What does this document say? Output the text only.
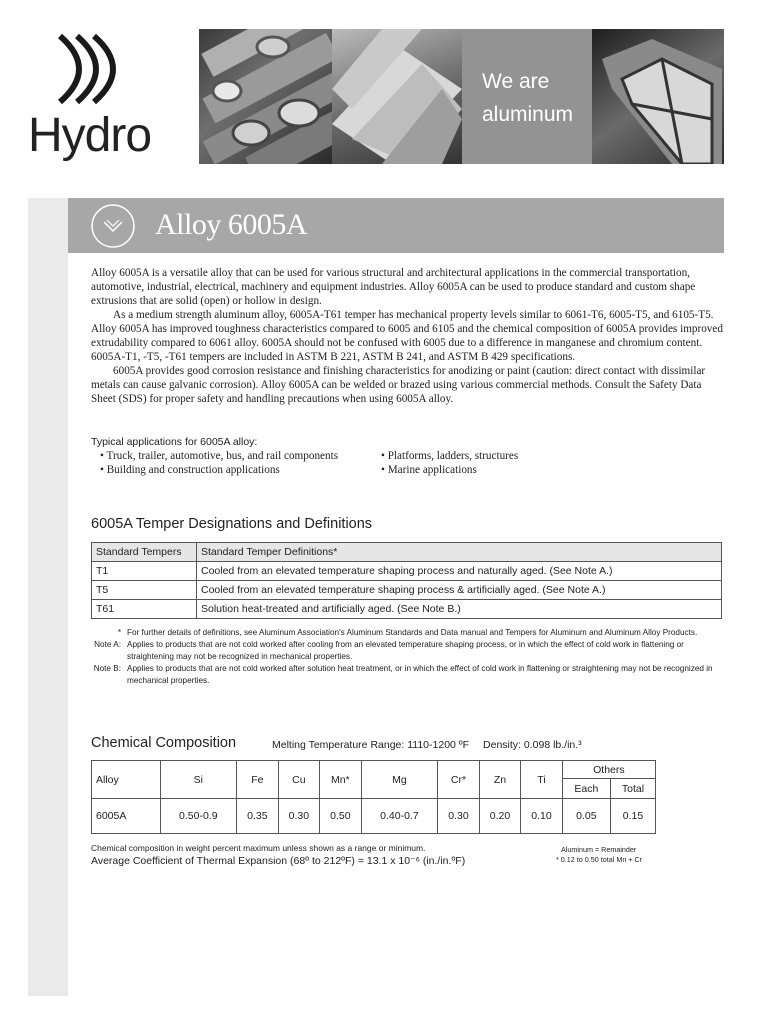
Hydro
We are
aluminum
Alloy 6005A

Alloy 6005A is a versatile alloy that can be used for various structural and architectural applications in the commercial transportation, automotive, industrial, electrical, machinery and equipment industries. Alloy 6005A can be used to produce standard and custom shape extrusions that are solid (open) or hollow in design.

As a medium strength aluminum alloy, 6005A-T61 temper has mechanical property levels similar to 6061-T6, 6005-T5, and 6105-T5. Alloy 6005A has improved toughness characteristics compared to 6005 and 6105 and the chemical composition of 6005A provides improved extrudability compared to 6061 alloy. 6005A should not be confused with 6005 due to a difference in manganese and chromium content. 6005A-T1, -T5, -T61 tempers are included in ASTM B 221, ASTM B 241, and ASTM B 429 specifications.

6005A provides good corrosion resistance and finishing characteristics for anodizing or paint (caution: direct contact with dissimilar metals can cause galvanic corrosion). Alloy 6005A can be welded or brazed using various commercial methods. Consult the Safety Data Sheet (SDS) for proper safety and handling precautions when using 6005A alloy.

Typical applications for 6005A alloy:
• Truck, trailer, automotive, bus, and rail components
• Building and construction applications
• Platforms, ladders, structures
• Marine applications
6005A Temper Designations and Definitions
Standard Tempers	Standard Temper Definitions*
T1	Cooled from an elevated temperature shaping process and naturally aged. (See Note A.)
T5	Cooled from an elevated temperature shaping process & artificially aged. (See Note A.)
T61	Solution heat-treated and artificially aged. (See Note B.)
* For further details of definitions, see Aluminum Association's Aluminum Standards and Data manual and Tempers for Aluminum and Aluminum Alloy Products.
Note A: Applies to products that are not cold worked after cooling from an elevated temperature shaping process, or in which the effect of cold work in flattening or straightening may not be recognized in mechanical properties.
Note B: Applies to products that are not cold worked after solution heat treatment, or in which the effect of cold work in flattening or straightening may not be recognized in mechanical properties.
Chemical Composition	Melting Temperature Range: 1110-1200 ºF Density: 0.098 lb./in.³
Alloy	Si	Fe	Cu	Mn*	Mg	Cr*	Zn	Ti	Others	
									Each	Total
6005A	0.50-0.9	0.35	0.30	0.50	0.40-0.7	0.30	0.20	0.10	0.05	0.15
Chemical composition in weight percent maximum unless shown as a range or minimum.
Average Coefficient of Thermal Expansion (68º to 212ºF) = 13.1 x 10⁻⁶ (in./in.ºF)
Aluminum = Remainder
* 0.12 to 0.50 total Mn + Cr
